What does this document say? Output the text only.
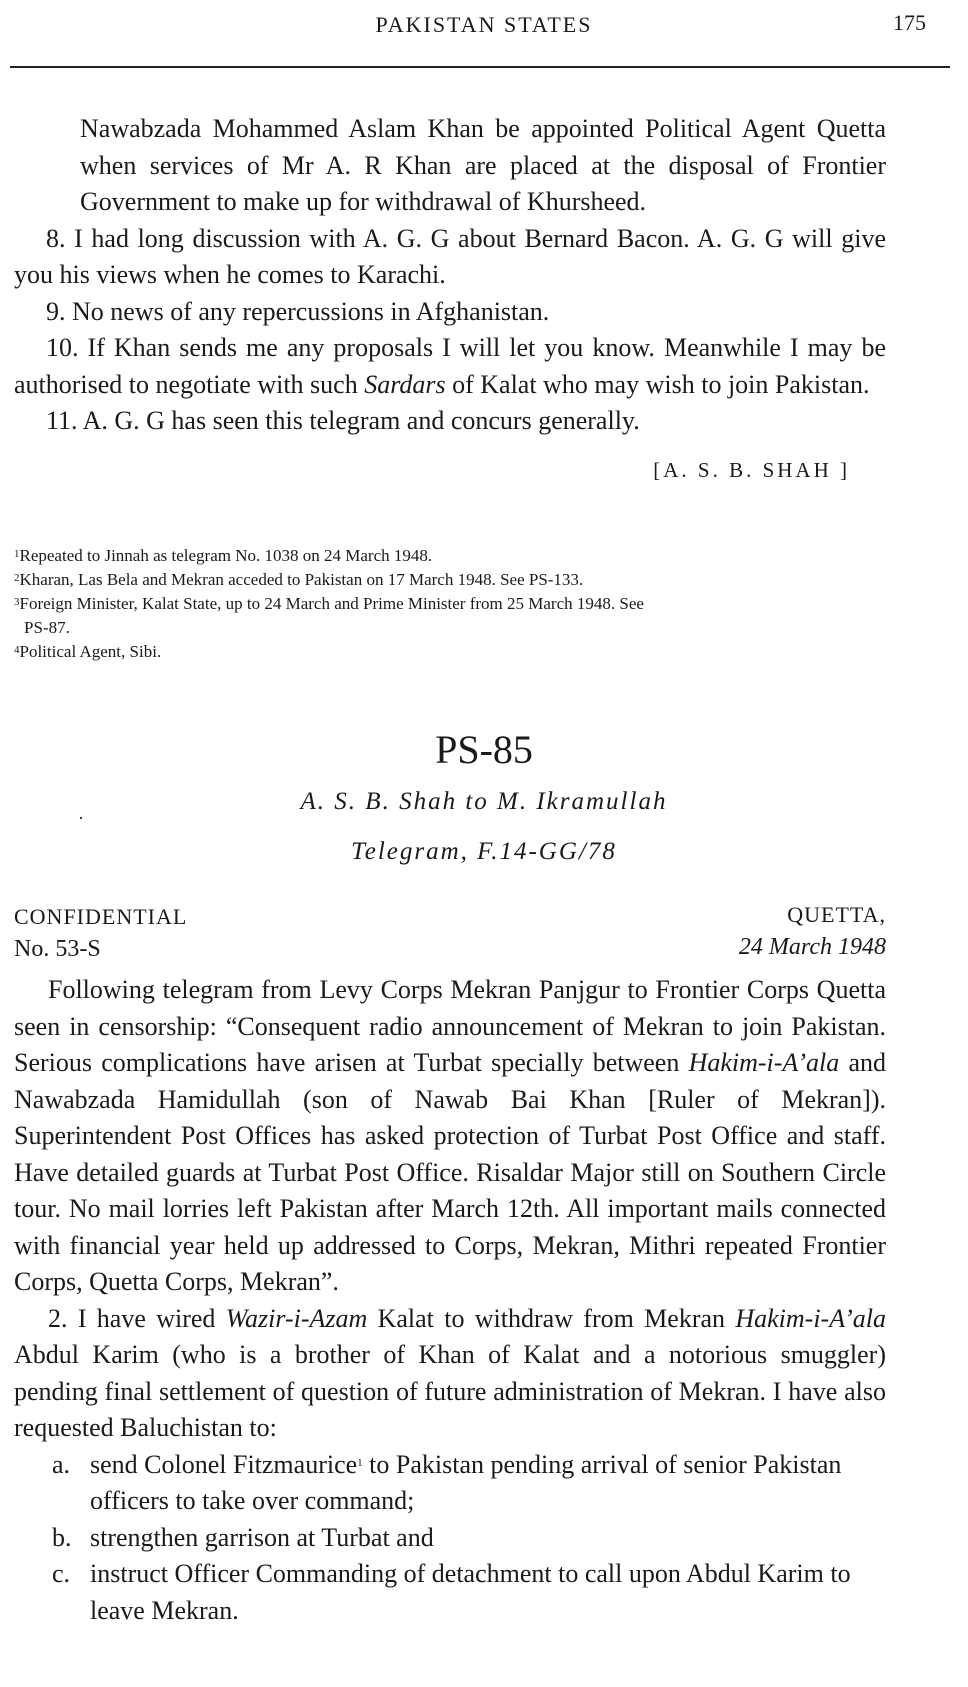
PAKISTAN STATES	175
Nawabzada Mohammed Aslam Khan be appointed Political Agent Quetta when services of Mr A. R Khan are placed at the disposal of Frontier Government to make up for withdrawal of Khursheed.
8. I had long discussion with A. G. G about Bernard Bacon. A. G. G will give you his views when he comes to Karachi.
9. No news of any repercussions in Afghanistan.
10. If Khan sends me any proposals I will let you know. Meanwhile I may be authorised to negotiate with such Sardars of Kalat who may wish to join Pakistan.
11. A. G. G has seen this telegram and concurs generally.
[A. S. B. SHAH ]
$^1$Repeated to Jinnah as telegram No. 1038 on 24 March 1948.
$^2$Kharan, Las Bela and Mekran acceded to Pakistan on 17 March 1948. See PS-133.
$^3$Foreign Minister, Kalat State, up to 24 March and Prime Minister from 25 March 1948. See
PS-87.
$^4$Political Agent, Sibi.
PS-85
·
A. S. B. Shah to M. Ikramullah
Telegram, F.14-GG/78
CONFIDENTIAL
No. 53-S
QUETTA,
24 March 1948
Following telegram from Levy Corps Mekran Panjgur to Frontier Corps Quetta seen in censorship: “Consequent radio announcement of Mekran to join Pakistan. Serious complications have arisen at Turbat specially between Hakim-i-A’ala and Nawabzada Hamidullah (son of Nawab Bai Khan [Ruler of Mekran]). Superintendent Post Offices has asked protection of Turbat Post Office and staff. Have detailed guards at Turbat Post Office. Risaldar Major still on Southern Circle tour. No mail lorries left Pakistan after March 12th. All important mails connected with financial year held up addressed to Corps, Mekran, Mithri repeated Frontier Corps, Quetta Corps, Mekran”.
2. I have wired Wazir-i-Azam Kalat to withdraw from Mekran Hakim-i-A’ala Abdul Karim (who is a brother of Khan of Kalat and a notorious smuggler) pending final settlement of question of future administration of Mekran. I have also requested Baluchistan to:
a. send Colonel Fitzmaurice$^1$ to Pakistan pending arrival of senior Pakistan officers to take over command;
b. strengthen garrison at Turbat and
c. instruct Officer Commanding of detachment to call upon Abdul Karim to leave Mekran.
